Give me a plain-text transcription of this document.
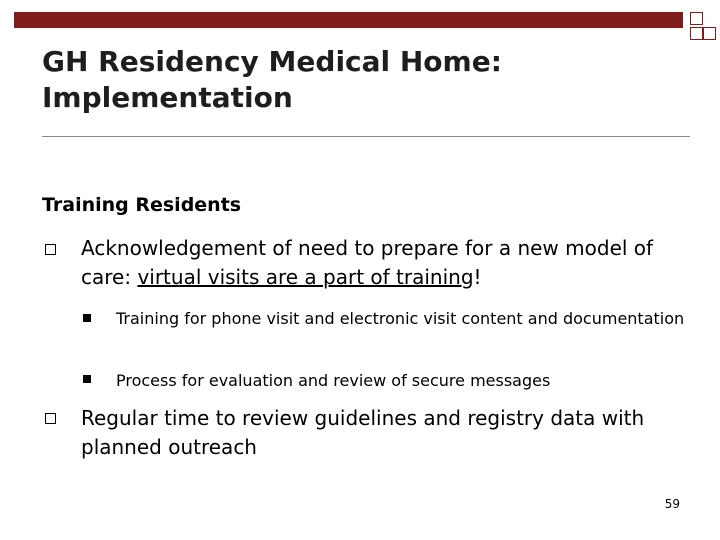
GH Residency Medical Home:
Implementation
Training Residents
Acknowledgement of need to prepare for a new model of care: virtual visits are a part of training!
Training for phone visit and electronic visit content and documentation
Process for evaluation and review of secure messages
Regular time to review guidelines and registry data with planned outreach
59
